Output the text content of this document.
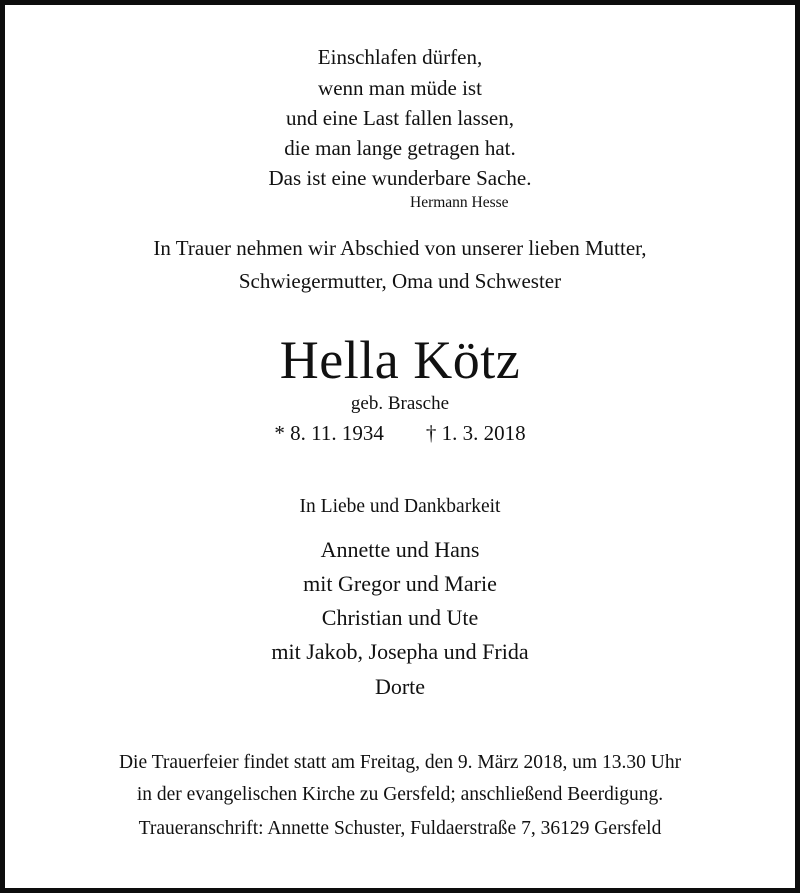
Einschlafen dürfen,
wenn man müde ist
und eine Last fallen lassen,
die man lange getragen hat.
Das ist eine wunderbare Sache.
Hermann Hesse
In Trauer nehmen wir Abschied von unserer lieben Mutter,
Schwiegermutter, Oma und Schwester
Hella Kötz
geb. Brasche
* 8. 11. 1934 † 1. 3. 2018
In Liebe und Dankbarkeit
Annette und Hans
mit Gregor und Marie
Christian und Ute
mit Jakob, Josepha und Frida
Dorte
Die Trauerfeier findet statt am Freitag, den 9. März 2018, um 13.30 Uhr
in der evangelischen Kirche zu Gersfeld; anschließend Beerdigung.
Traueranschrift: Annette Schuster, Fuldaerstraße 7, 36129 Gersfeld
